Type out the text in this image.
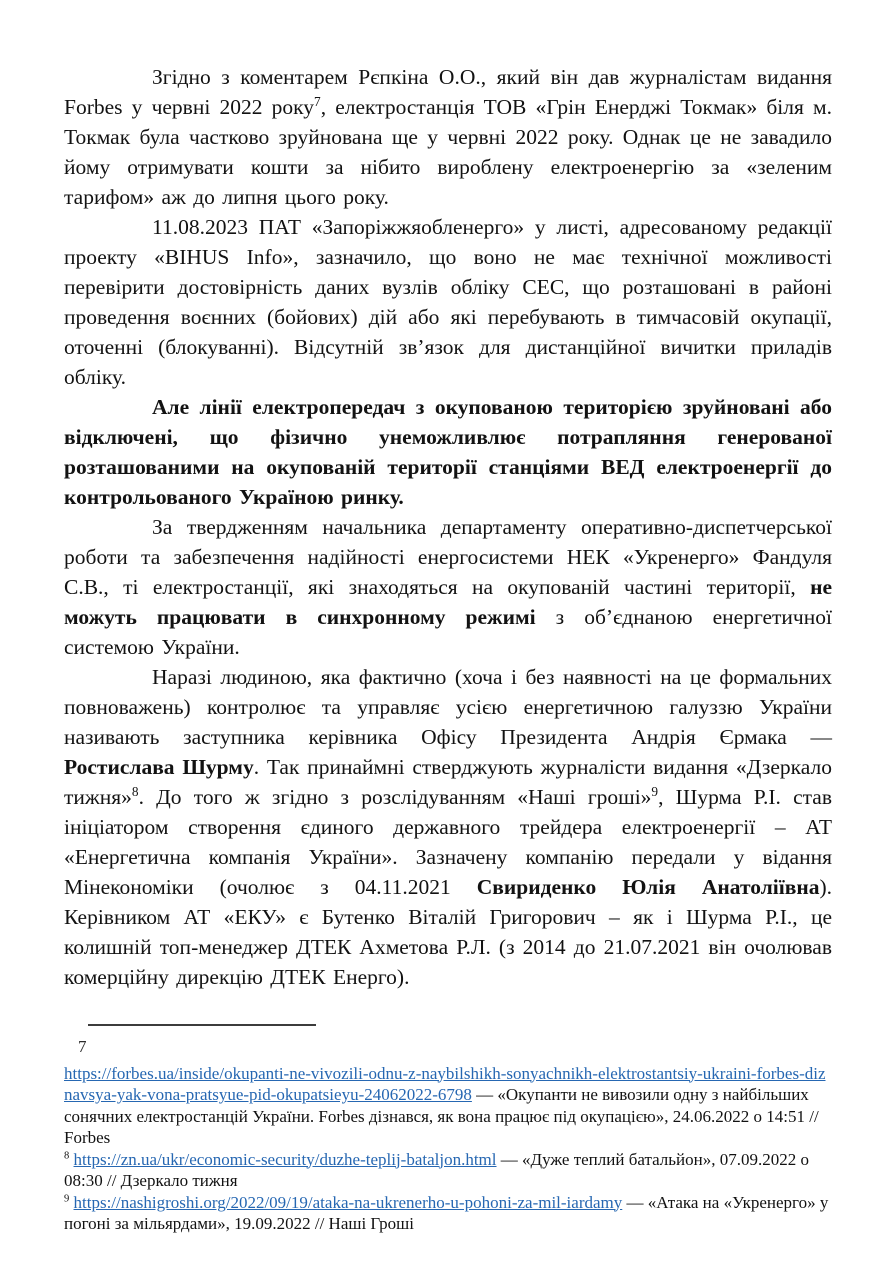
Згідно з коментарем Рєпкіна О.О., який він дав журналістам видання Forbes у червні 2022 року$^7$, електростанція ТОВ «Грін Енерджі Токмак» біля м. Токмак була частково зруйнована ще у червні 2022 року. Однак це не завадило йому отримувати кошти за нібито вироблену електроенергію за «зеленим тарифом» аж до липня цього року.

11.08.2023 ПАТ «Запоріжжяобленерго» у листі, адресованому редакції проекту «BIHUS Info», зазначило, що воно не має технічної можливості перевірити достовірність даних вузлів обліку СЕС, що розташовані в районі проведення воєнних (бойових) дій або які перебувають в тимчасовій окупації, оточенні (блокуванні). Відсутній зв’язок для дистанційної вичитки приладів обліку.

Але лінії електропередач з окупованою територією зруйновані або відключені, що фізично унеможливлює потрапляння генерованої розташованими на окупованій території станціями ВЕД електроенергії до контрольованого Україною ринку.

За твердженням начальника департаменту оперативно-диспетчерської роботи та забезпечення надійності енергосистеми НЕК «Укренерго» Фандуля С.В., ті електростанції, які знаходяться на окупованій частині території, не можуть працювати в синхронному режимі з об’єднаною енергетичної системою України.

Наразі людиною, яка фактично (хоча і без наявності на це формальних повноважень) контролює та управляє усією енергетичною галуззю України називають заступника керівника Офісу Президента Андрія Єрмака — Ростислава Шурму. Так принаймні стверджують журналісти видання «Дзеркало тижня»$^8$. До того ж згідно з розслідуванням «Наші гроші»$^9$, Шурма Р.І. став ініціатором створення єдиного державного трейдера електроенергії – АТ «Енергетична компанія України». Зазначену компанію передали у відання Мінекономіки (очолює з 04.11.2021 Свириденко Юлія Анатоліївна). Керівником АТ «ЕКУ» є Бутенко Віталій Григорович – як і Шурма Р.І., це колишній топ-менеджер ДТЕК Ахметова Р.Л. (з 2014 до 21.07.2021 він очолював комерційну дирекцію ДТЕК Енерго).

7
https://forbes.ua/inside/okupanti-ne-vivozili-odnu-z-naybilshikh-sonyachnikh-elektrostantsiy-ukraini-forbes-diznavsya-yak-vona-pratsyue-pid-okupatsieyu-24062022-6798 — «Окупанти не вивозили одну з найбільших сонячних електростанцій України. Forbes дізнався, як вона працює під окупацією», 24.06.2022 о 14:51 // Forbes
$^8$ https://zn.ua/ukr/economic-security/duzhe-teplij-bataljon.html — «Дуже теплий батальйон», 07.09.2022 о 08:30 // Дзеркало тижня
$^9$ https://nashigroshi.org/2022/09/19/ataka-na-ukrenerho-u-pohoni-za-mil-iardamy — «Атака на «Укренерго» у погоні за мільярдами», 19.09.2022 // Наші Гроші
